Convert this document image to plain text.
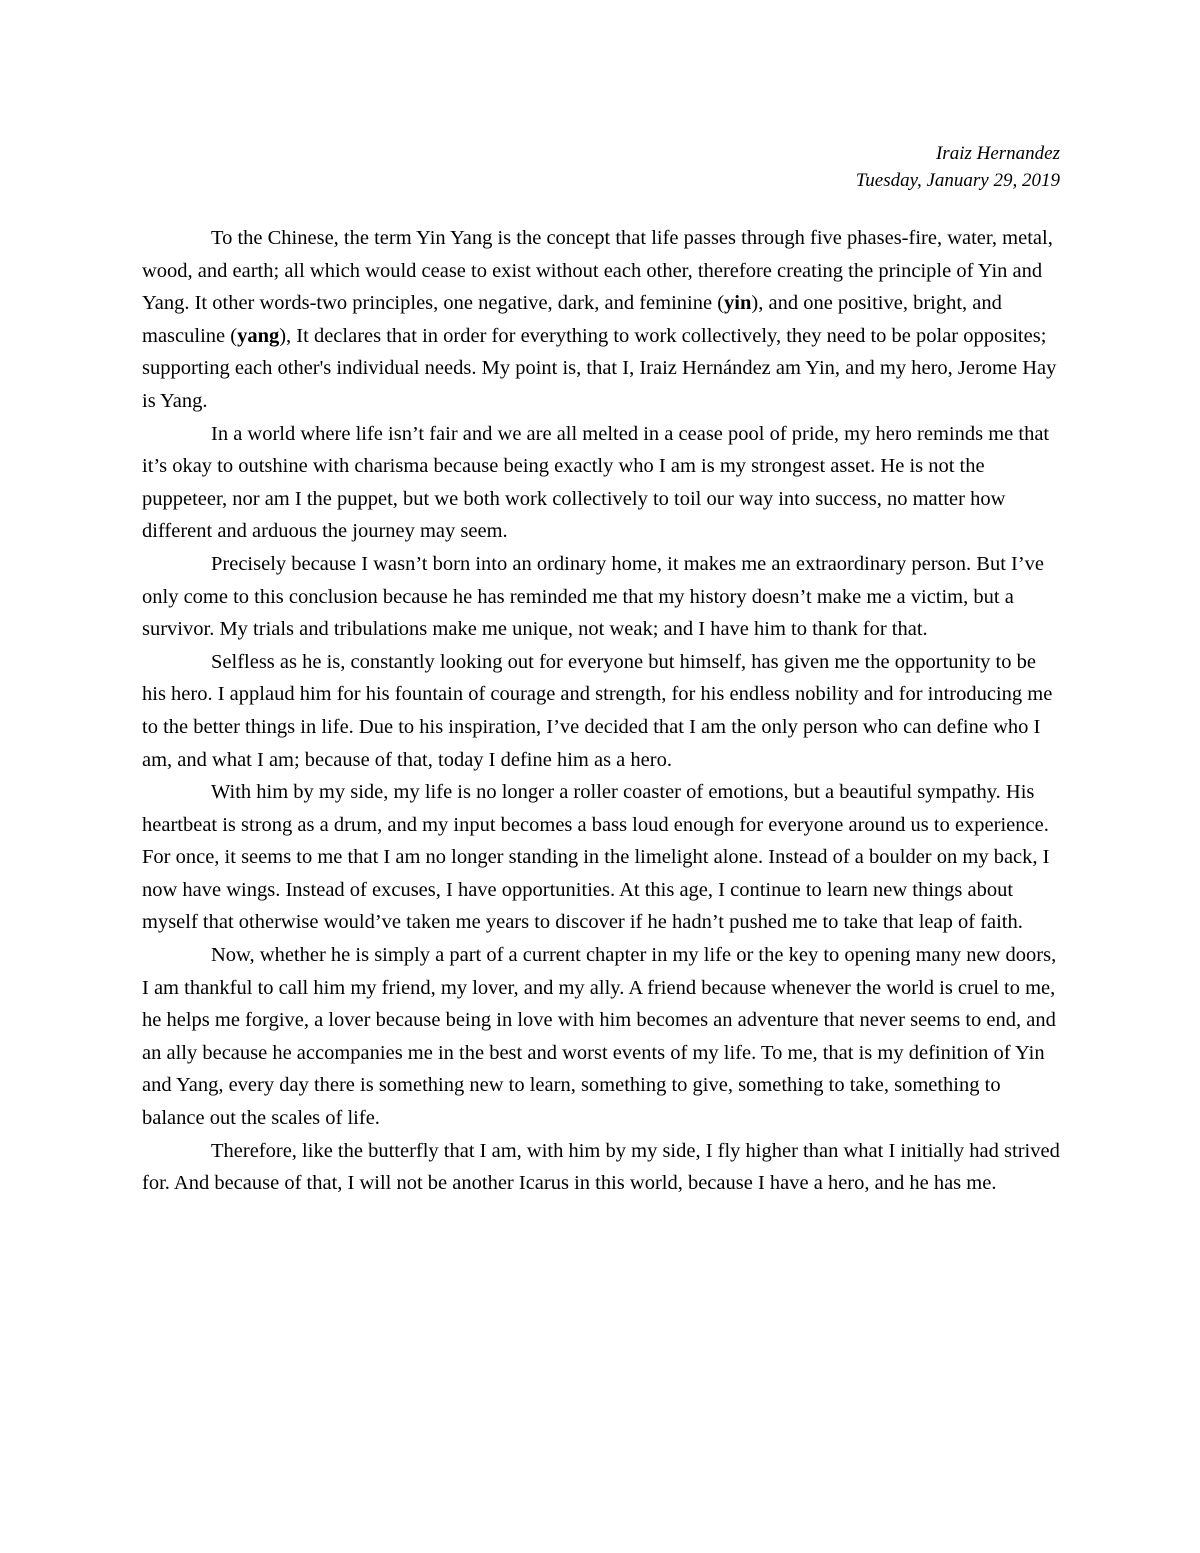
Iraiz Hernandez
Tuesday, January 29, 2019

To the Chinese, the term Yin Yang is the concept that life passes through five phases-fire, water, metal, wood, and earth; all which would cease to exist without each other, therefore creating the principle of Yin and Yang. It other words-two principles, one negative, dark, and feminine (yin), and one positive, bright, and masculine (yang), It declares that in order for everything to work collectively, they need to be polar opposites; supporting each other's individual needs. My point is, that I, Iraiz Hernández am Yin, and my hero, Jerome Hay is Yang.

In a world where life isn’t fair and we are all melted in a cease pool of pride, my hero reminds me that it’s okay to outshine with charisma because being exactly who I am is my strongest asset. He is not the puppeteer, nor am I the puppet, but we both work collectively to toil our way into success, no matter how different and arduous the journey may seem.

Precisely because I wasn’t born into an ordinary home, it makes me an extraordinary person. But I’ve only come to this conclusion because he has reminded me that my history doesn’t make me a victim, but a survivor. My trials and tribulations make me unique, not weak; and I have him to thank for that.

Selfless as he is, constantly looking out for everyone but himself, has given me the opportunity to be his hero. I applaud him for his fountain of courage and strength, for his endless nobility and for introducing me to the better things in life. Due to his inspiration, I’ve decided that I am the only person who can define who I am, and what I am; because of that, today I define him as a hero.

With him by my side, my life is no longer a roller coaster of emotions, but a beautiful sympathy. His heartbeat is strong as a drum, and my input becomes a bass loud enough for everyone around us to experience. For once, it seems to me that I am no longer standing in the limelight alone. Instead of a boulder on my back, I now have wings. Instead of excuses, I have opportunities. At this age, I continue to learn new things about myself that otherwise would’ve taken me years to discover if he hadn’t pushed me to take that leap of faith.

Now, whether he is simply a part of a current chapter in my life or the key to opening many new doors, I am thankful to call him my friend, my lover, and my ally. A friend because whenever the world is cruel to me, he helps me forgive, a lover because being in love with him becomes an adventure that never seems to end, and an ally because he accompanies me in the best and worst events of my life. To me, that is my definition of Yin and Yang, every day there is something new to learn, something to give, something to take, something to balance out the scales of life.

Therefore, like the butterfly that I am, with him by my side, I fly higher than what I initially had strived for. And because of that, I will not be another Icarus in this world, because I have a hero, and he has me.
